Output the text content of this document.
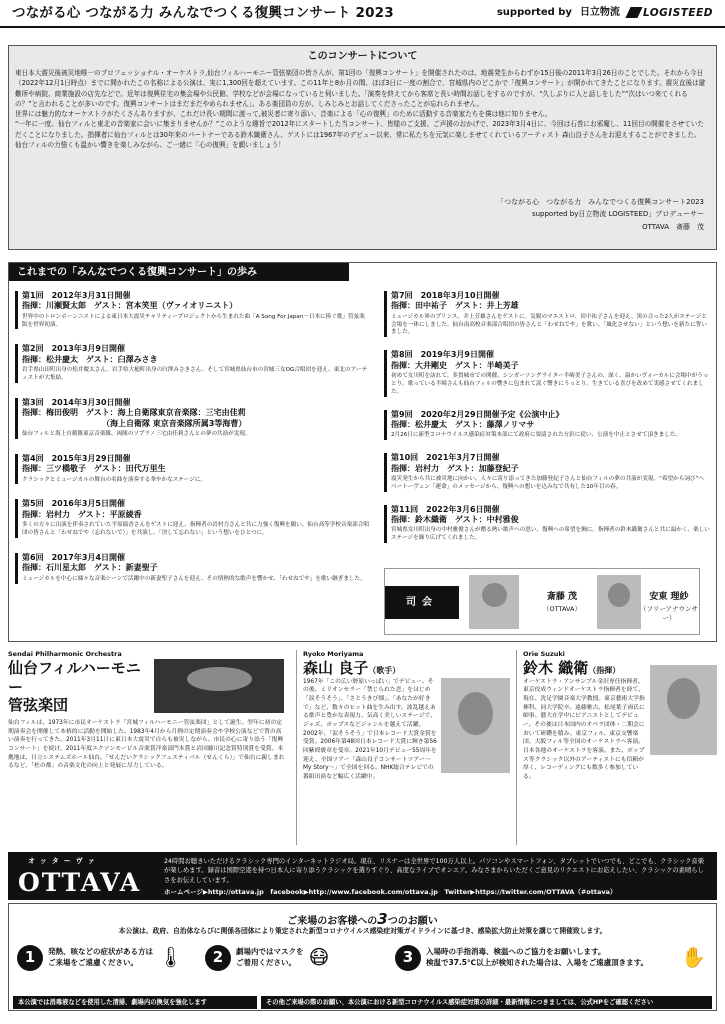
つながる心 つながる力 みんなでつくる復興コンサート 2023	supported by 日立物流 LOGISTEED
このコンサートについて

東日本大震災後被災地唯一のプロフェッショナル・オーケストラ,仙台フィルハーモニー管弦楽団の皆さんが、第1回の「復興コンサート」を開催されたのは、地震発生からわずか15日後の2011年3月26日のことでした。それから今日（2022年12月1日時点）までに開かれたこの名称による公演は、実に1,300回を超えています。この11年と8か月の間、ほぼ3日に一度の割合で、宮城県内のどこかで「復興コンサート」が開かれてきたことになります。震災直後は避難所や病院、商業施設の店先などで。近年は復興住宅の集会場や公民館、学校などが会場になっていると伺いました。「演奏を終えてから客席と長い時間お話しをするのですが、“久しぶりに人と話しをした”“次はいつ来てくれるの？”と言われることが多いのです。復興コンサートはまだまだやめられません」。ある楽団員の方が、しみじみとお話してくださったことが忘れられません。

世界には魅力的なオーケストラがたくさんありますが、これだけ長い期間に渡って,被災者に寄り添い、音楽による「心の復興」のために活動する音楽家たちを僕は他に知りません。

“一年に一度、仙台フィルと東北の音楽家に会いに集まりませんか？”このような趣旨で2012年にスタートした当コンサート、皆様のご支援、ご声援のおかげで、2023年3月4日に、今回は石巻にお邪魔し、11回目の開催をさせていただくことになりました。指揮者に仙台フィルとは30年来のパートナーである鈴木織衛さん、ゲストには1967年のデビュー以来、常に私たちを元気に楽しませてくれているアーティスト 森山良子さんをお迎えすることができました。

仙台フィルの力強くも温かい響きを楽しみながら、ご一緒に「心の復興」を願いましょう！

「つながる心　つながる力　みんなでつくる復興コンサート2023
supported by日立物流 LOGISTEED」プロデューサー
OTTAVA　斎藤　茂
これまでの「みんなでつくる復興コンサート」の歩み
第1回　2012年3月31日開催
指揮：川瀬賢太郎　ゲスト：宮本笑里（ヴァイオリニスト）
世界中のトロンボーンニストによる東日本大震災チャリティープロジェクトから生まれた曲「A Song For Japan～日本に捧ぐ歌」管弦楽版を世界初演。
第2回　2013年3月9日開催
指揮：松井慶太　ゲスト：臼澤みさき
岩手県山田町出身の松井慶太さん、岩手県大槌町出身の臼澤みさきさん。そして宮城県仙台市の宮城三女OG合唱団を迎え、東北のアーティストが大集結。
第3回　2014年3月30日開催
指揮：梅田俊明　ゲスト：海上自衛隊東京音楽隊：三宅由佳莉
（海上自衛隊 東京音楽隊所属3等海曹）
仙台フィルと海上自衛隊東京音楽隊、両隊のソプラノ三宅由佳莉さんとの夢の共演が実現。
第4回　2015年3月29日開催
指揮：三ツ橋敬子　ゲスト：田代万里生
クラシックとミュージカルの舞台の名曲を演奏する華やかなステージに。
第5回　2016年3月5日開催
指揮：岩村力　ゲスト：平原綾香
多くの方々に出演を伴奏されていた平原綾香さんをゲストに迎え、指揮者の岩村力さんと共に力強く復興を願い、仙台高等学校音楽部合唱団の皆さんと「わせねでや（忘れないで）」を共演し、「決して忘れない」という想いをひとつに。
第6回　2017年3月4日開催
指揮：石川星太郎　ゲスト：新妻聖子
ミュージカルを中心に様々な音楽シーンで活躍中の新妻聖子さんを迎え、その情熱的な歌声を響かせ、「わせねでや」を歌い継ぎました。
第7回　2018年3月10日開催
指揮：田中祐子　ゲスト：井上芳雄
ミュージカル界のプリンス、井上芳雄さんをゲストに。気鋭のマエストロ、田中祐子さんを迎え、黒の合った2人がステージと会場を一体にしました。仙台南高校音楽部合唱団の皆さんと「わせねでや」を歌い、「風化させない」という想いを新たに誓いました。
第8回　2019年3月9日開催
指揮：大井剛史　ゲスト：半崎美子
初めて女川町を訪れて、多賀城市での開催。シンガーソングライター半崎美子さんの、深く、温かいヴォーカルに会場中がうっとり。歌っている半崎さんも仙台フィルの響きに包まれて涙ぐ響きにうっとり。生きている喜びを改めて実感させてくれました。
第9回　2020年2月29日開催予定《公演中止》
指揮：松井慶太　ゲスト：藤澤ノリマサ
2月26日に新型コロナウイルス感染症対策本部にて政府に要請された方針に従い、公演を中止とさせて頂きました。
第10回　2021年3月7日開催
指揮：岩村力　ゲスト：加藤登紀子
震災発生から共に被災地に向かい、人々に寄り添ってきた加藤登紀子さんと仙台フィルの夢の共演が実現。“希望から詞び”へ　ベートーヴェン「運命」のメッセージから、復興への想いを込みなで共有した10年目の春。
第11回　2022年3月6日開催
指揮：鈴木織衛　ゲスト：中村雅俊
宮城県女川町出身の中村雅俊さんが贈る熱い歌声への思い、復興への希望を胸に。指揮者の鈴木織衛さんと共に温かく、楽しいステージを繰り広げてくれました。
司会	斎藤 茂
（OTTAVA）
安東 理紗
（フリーアナウンサー）
Sendai Philharmonic Orchestra
仙台フィルハーモニー
管弦楽団
仙台フィルは、1973年に市民オーケストラ「宮城フィルハーモニー管弦楽団」として誕生。翌年に初の定期演奏会を開催して本格的に活動を開始した。1983年4月から月例の定期演奏会や学校公演などで質の高い演奏を行ってきた。2011年3月11日に東日本大震災で自らも被災しながら、市民の心に寄り添う「復興コンサート」を続け、2011年度エクソンモービル音楽賞洋楽部門本賞と岩国藤川記念賞特別賞を受賞。本拠地は、日立システムズホール仙台。「せんだいクラシックフェスティバル（せんくら）」で仙台に親しまれるなど、「杜の都」の音楽文化の向上と発展に尽力している。
Ryoko Moriyama
森山 良子（歌手）
1967年「この広い野原いっぱい」でデビュー。その後、ミリオンセラー「禁じられた恋」をはじめ「涙そうそう」、「さとうきび畑」、「あなたが好きで」など、数々のヒット曲を生み出す。波乱越えある歌声と豊かな表現力、気高く美しいステージで、ジャズ、ポップスなどジャンルを越えて活躍。2002年、「涙そうそう」で日本レコード大賞金賞を受賞。2006年第48回日本レコード大賞に輝き第56回紫綬褒章を受章。2021年10月デビュー55周年を迎え、全国ツアー「森山良子コンサートツアー～My Story～」で全国を回る。NHK総合テレビでの番組出演など幅広く活躍中。
Orie Suzuki
鈴木 織衛（指揮）
オーケストラ・アンサンブル金沢専任指揮者、東京佼成ウィンドオーケストラ指揮者を経て、現在、洗足学園音楽大学教授。東京藝術大学指揮科、同大学院卒。遠藤雅古、松尾葉子両氏に師事。藝大在学中にピアニストとしてデビュー。その後は日本国内のオペラ団体・二期会において研鑽を積み、東京フィル、東京交響楽団、大阪フィル等全国のオーケストラへ客演。日本各地のオーケストラを客演。また、ポップス等クラシック以外のアーティストにも信頼が厚く、レコーディングにも数多く参加している。
オッターヴァ
OTTAVA
24時間お聴きいただけるクラシック専門のインターネットラジオ局。現在、リスナーは全世界で100万人以上。パソコンやスマートフォン、タブレットでいつでも、どこでも、クラシック音楽が楽しめます。録音は国際空港を持つ日本人に寄り添うクラシックを選りすぐり、高度なライブでオンエア。みなさまからいただくご意見のリクエストにお応えしたい、クラシックの素晴らしさをお伝えしています。
ホームページ▶http://ottava.jp　facebook▶http://www.facebook.com/ottava.jp　Twitter▶https://twitter.com/OTTAVA（#ottava）
ご来場のお客様への3つのお願い
本公演は、政府、自治体ならびに関係各団体により策定された新型コロナウイルス感染症対策ガイドラインに基づき、感染拡大防止対策を講じて開催致します。
1	発熱、咳などの症状がある方は
ご来場をご遠慮ください。	🌡	2	劇場内ではマスクを
ご着用ください。 😷	3	入場時の手指消毒、検温へのご協力をお願いします。
検温で37.5℃以上が検知された場合は、入場をご遠慮頂きます。	✋
本公演では消毒液などを使用した清掃、劇場内の換気を強化します	その他ご来場の際のお願い、本公演における新型コロナウイルス感染症対策の詳細・最新情報につきましては、公式HPをご確認ください
